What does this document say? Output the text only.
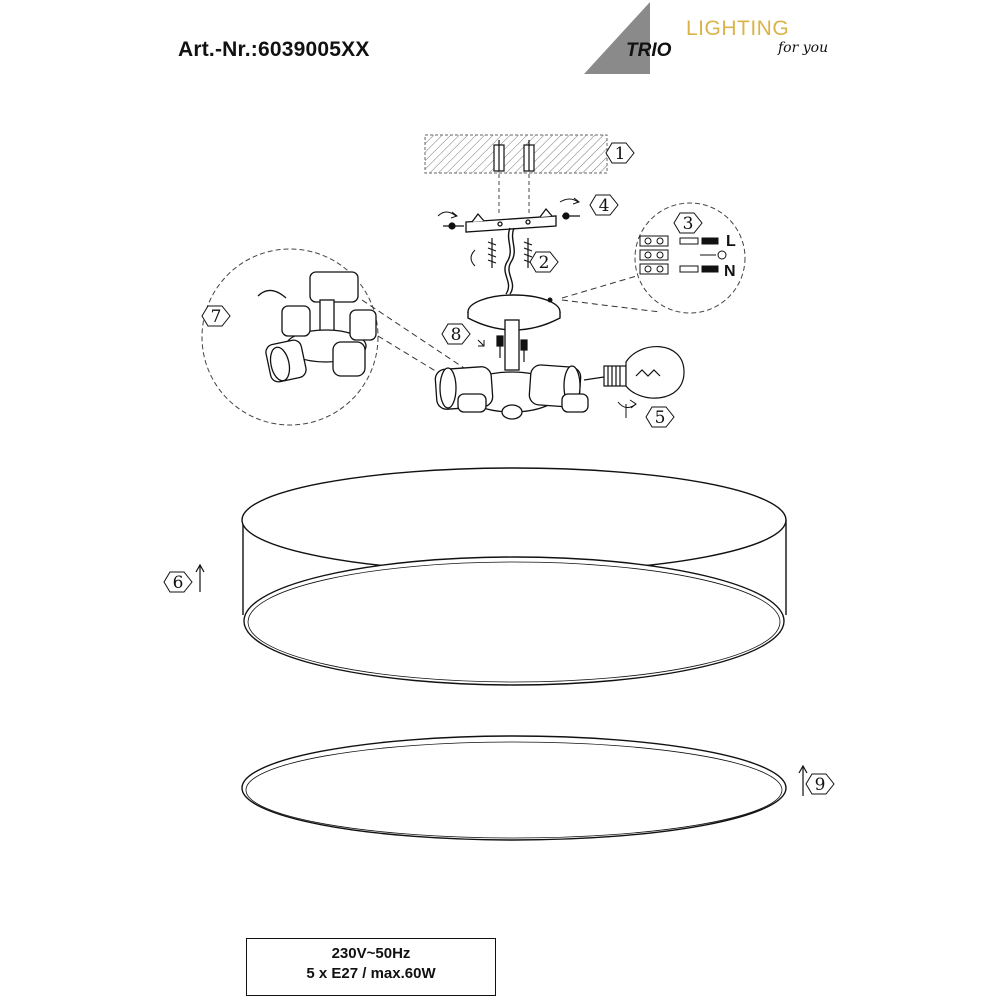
Art.-Nr.:6039005XX	TRIO
LIGHTING
for you
L
N
1
2
3
4
5
6
7
8
9
230V~50Hz
5 x E27 / max.60W
